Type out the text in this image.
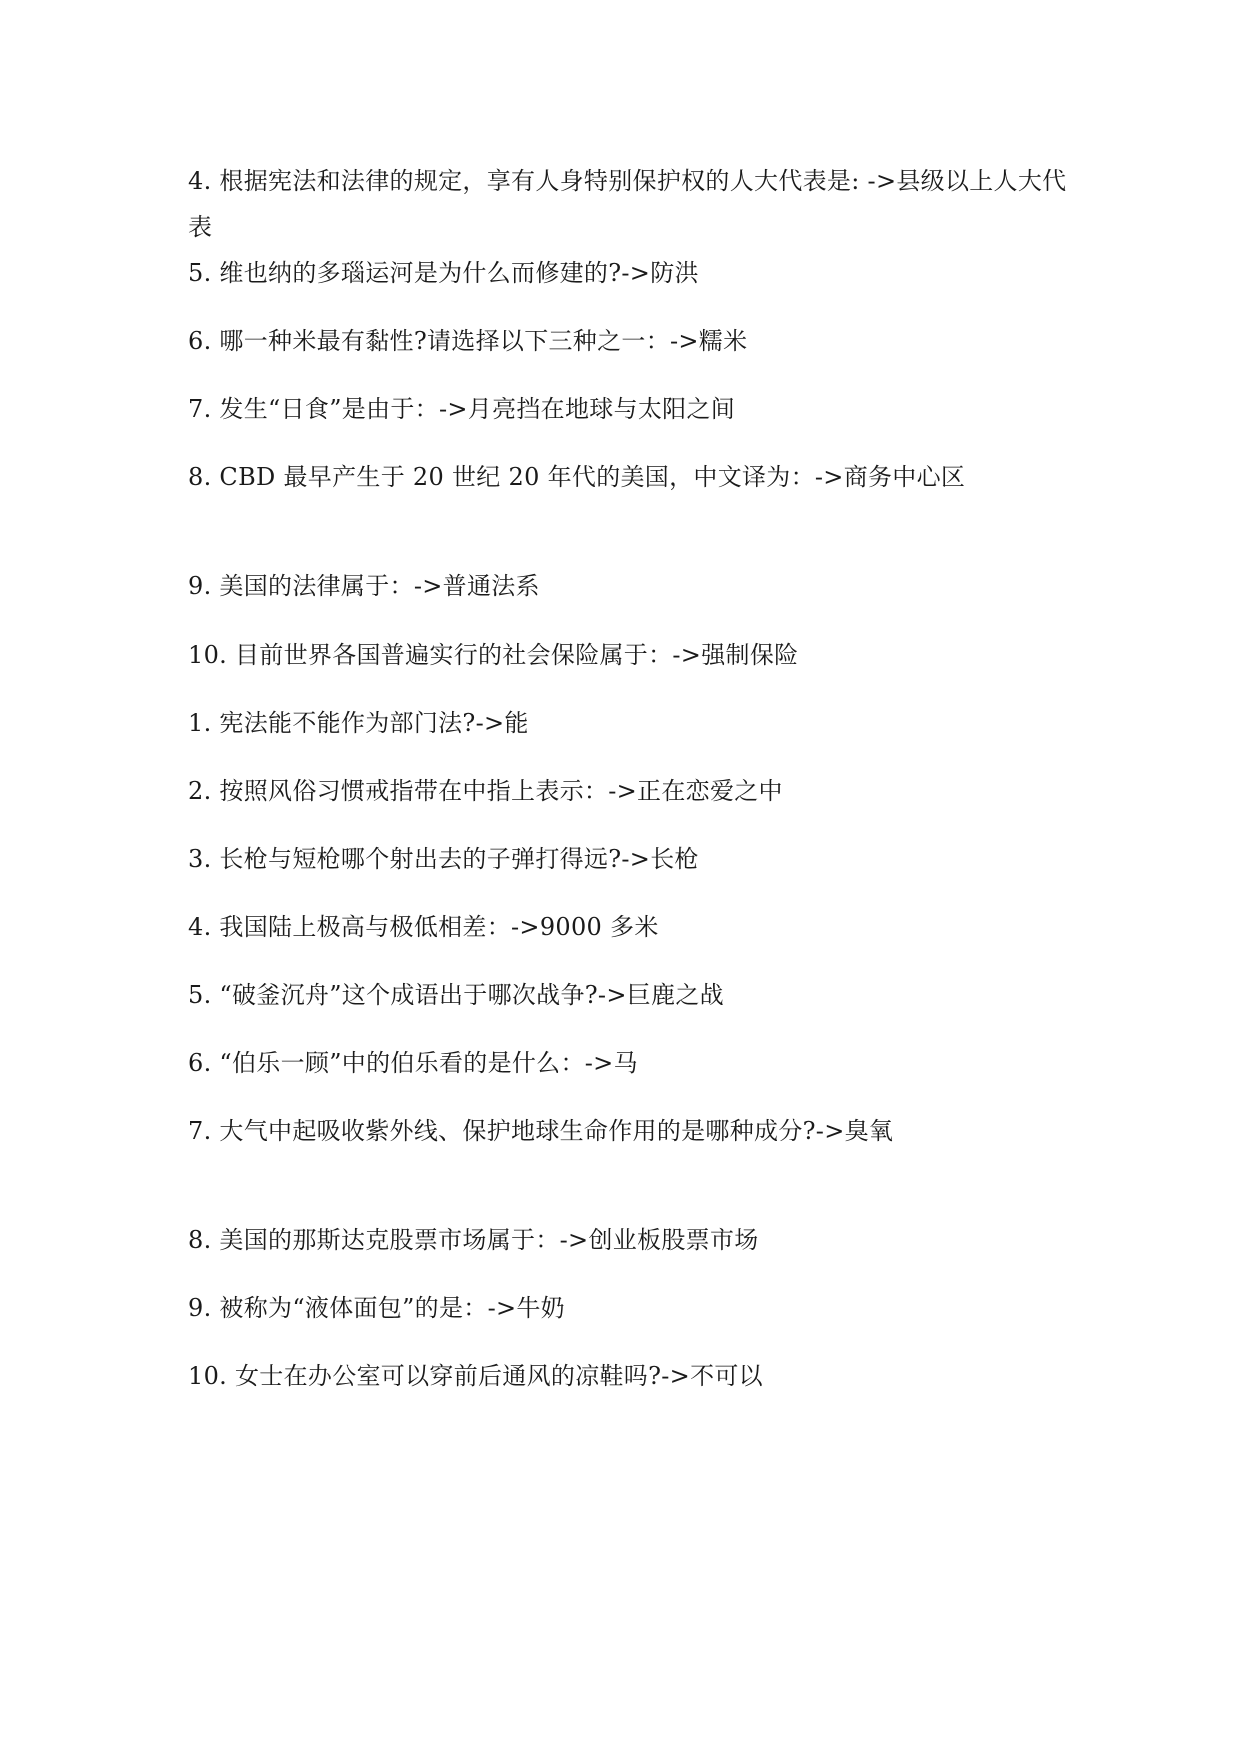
4. 根据宪法和法律的规定，享有人身特别保护权的人大代表是: ->县级以上人大代表
5. 维也纳的多瑙运河是为什么而修建的?->防洪
6. 哪一种米最有黏性?请选择以下三种之一：->糯米
7. 发生“日食”是由于：->月亮挡在地球与太阳之间
8. CBD 最早产生于 20 世纪 20 年代的美国，中文译为：->商务中心区
9. 美国的法律属于：->普通法系
10. 目前世界各国普遍实行的社会保险属于：->强制保险
1. 宪法能不能作为部门法?->能
2. 按照风俗习惯戒指带在中指上表示：->正在恋爱之中
3. 长枪与短枪哪个射出去的子弹打得远?->长枪
4. 我国陆上极高与极低相差：->9000 多米
5. “破釜沉舟”这个成语出于哪次战争?->巨鹿之战
6. “伯乐一顾”中的伯乐看的是什么：->马
7. 大气中起吸收紫外线、保护地球生命作用的是哪种成分?->臭氧
8. 美国的那斯达克股票市场属于：->创业板股票市场
9. 被称为“液体面包”的是：->牛奶
10. 女士在办公室可以穿前后通风的凉鞋吗?->不可以
